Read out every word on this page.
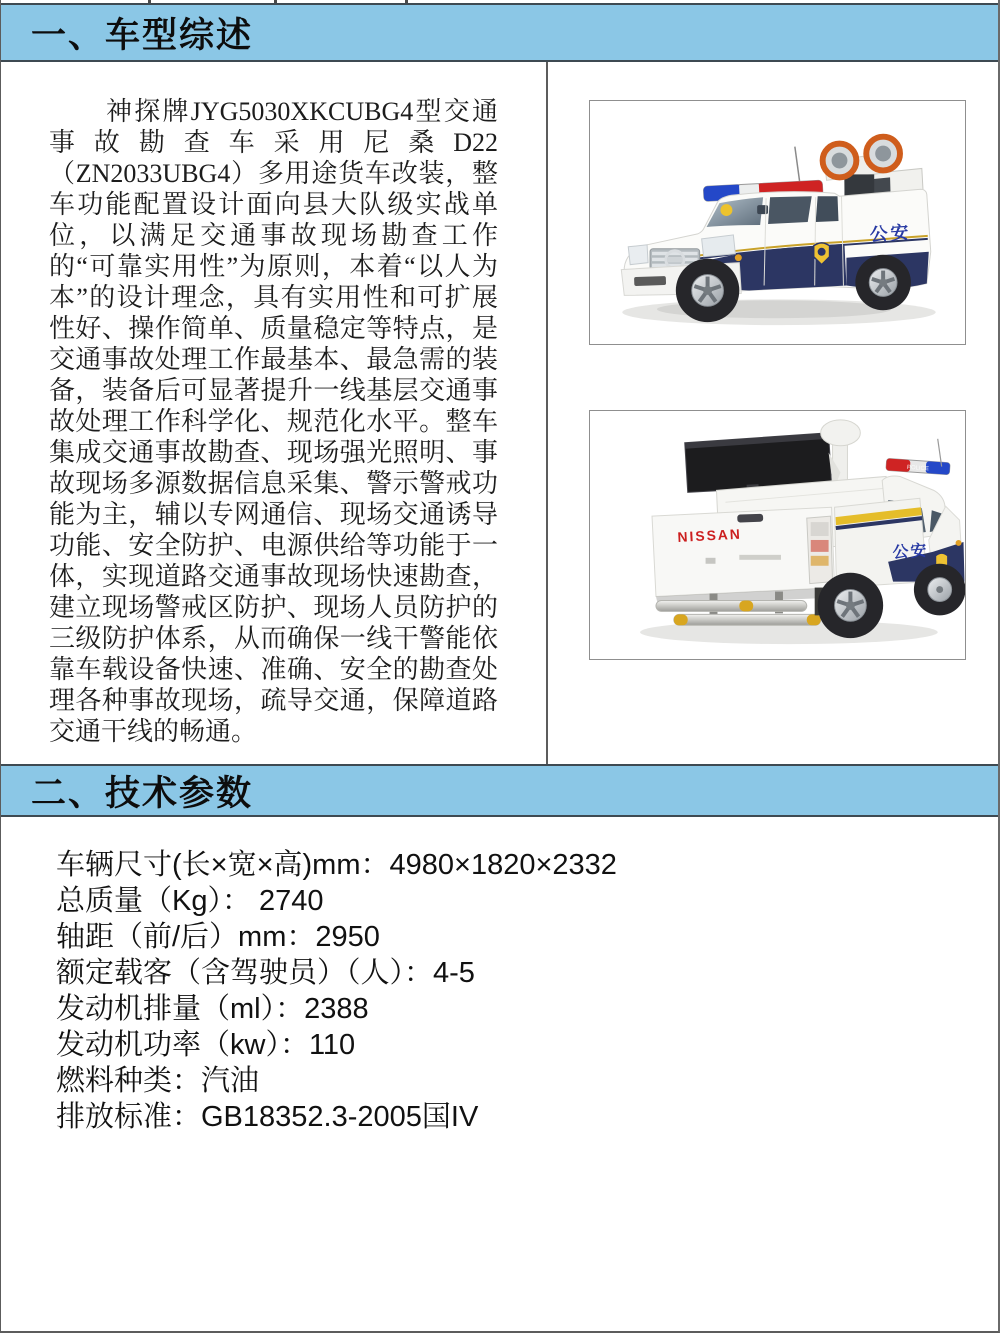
一、车型综述

神探牌JYG5030XKCUBG4型交通事故勘查车采用尼桑D22（ZN2033UBG4）多用途货车改装，整车功能配置设计面向县大队级实战单位，以满足交通事故现场勘查工作的“可靠实用性”为原则，本着“以人为本”的设计理念，具有实用性和可扩展性好、操作简单、质量稳定等特点，是交通事故处理工作最基本、最急需的装备，装备后可显著提升一线基层交通事故处理工作科学化、规范化水平。整车集成交通事故勘查、现场强光照明、事故现场多源数据信息采集、警示警戒功能为主，辅以专网通信、现场交通诱导功能、安全防护、电源供给等功能于一体，实现道路交通事故现场快速勘查，建立现场警戒区防护、现场人员防护的三级防护体系，从而确保一线干警能依靠车载设备快速、准确、安全的勘查处理各种事故现场，疏导交通，保障道路交通干线的畅通。

公安
POLICE
NISSAN
公安
二、技术参数
车辆尺寸(长×宽×高)mm：4980×1820×2332
总质量（Kg）： 2740
轴距（前/后）mm：2950
额定载客（含驾驶员）（人）：4-5
发动机排量（ml）：2388
发动机功率（kw）：110
燃料种类：汽油
排放标准：GB18352.3-2005国IV
